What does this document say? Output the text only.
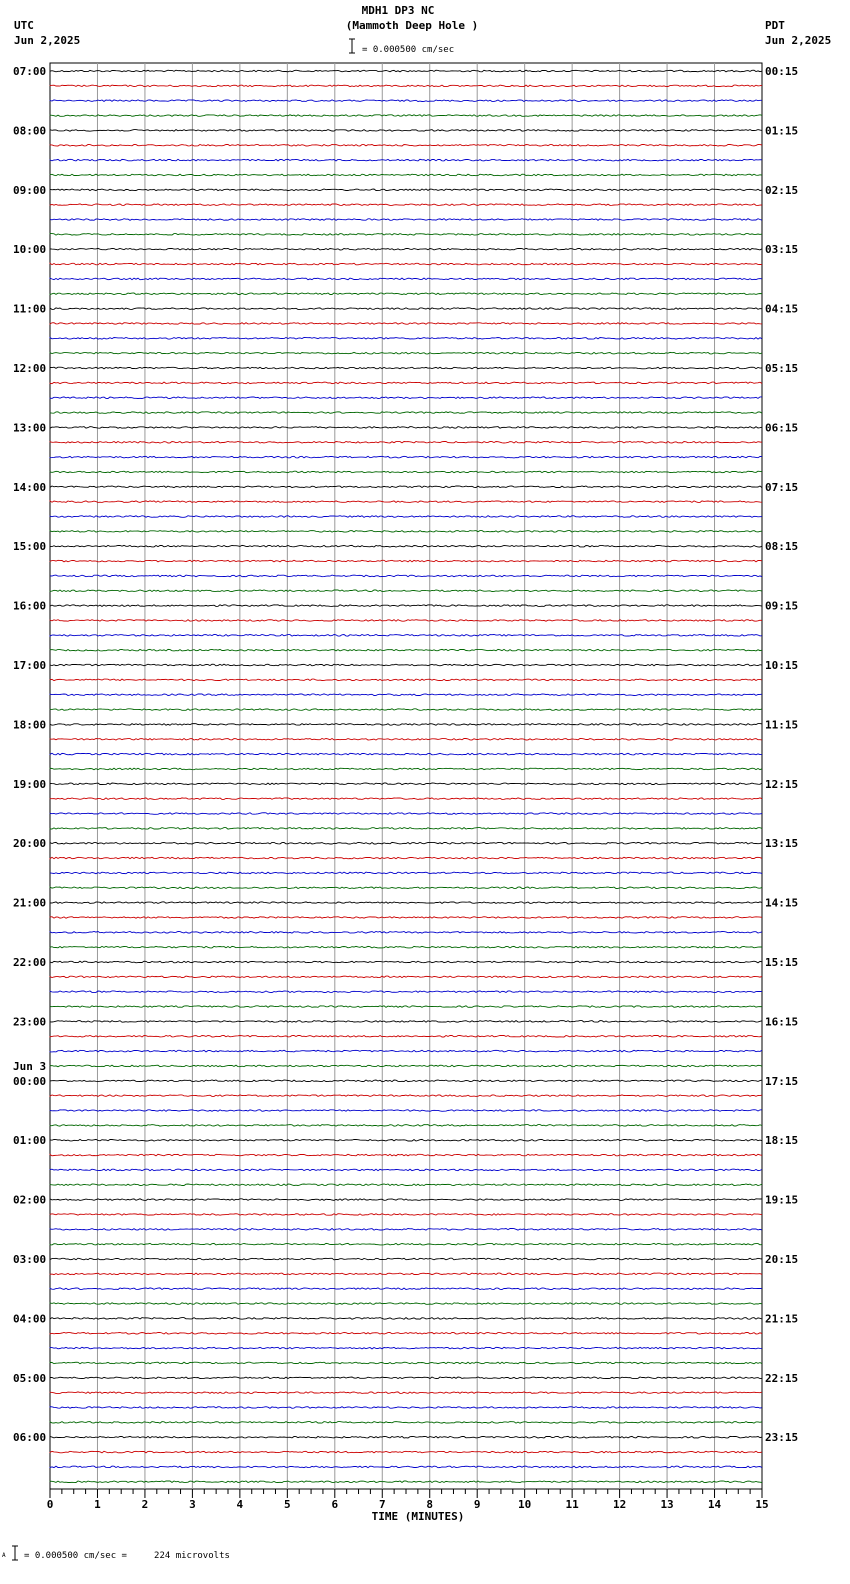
MDH1 DP3 NC
(Mammoth Deep Hole )
UTC
Jun 2,2025
PDT
Jun 2,2025
= 0.000500 cm/sec
A = 0.000500 cm/sec =     224 microvolts
07:00
08:00
09:00
10:00
11:00
12:00
13:00
14:00
15:00
16:00
17:00
18:00
19:00
20:00
21:00
22:00
23:00
00:00
01:00
02:00
03:00
04:00
05:00
06:00
00:15
01:15
02:15
03:15
04:15
05:15
06:15
07:15
08:15
09:15
10:15
11:15
12:15
13:15
14:15
15:15
16:15
17:15
18:15
19:15
20:15
21:15
22:15
23:15
Jun 3
0	1	2	3	4	5	6	7	8	9	10	11	12	13	14	15
TIME (MINUTES)
